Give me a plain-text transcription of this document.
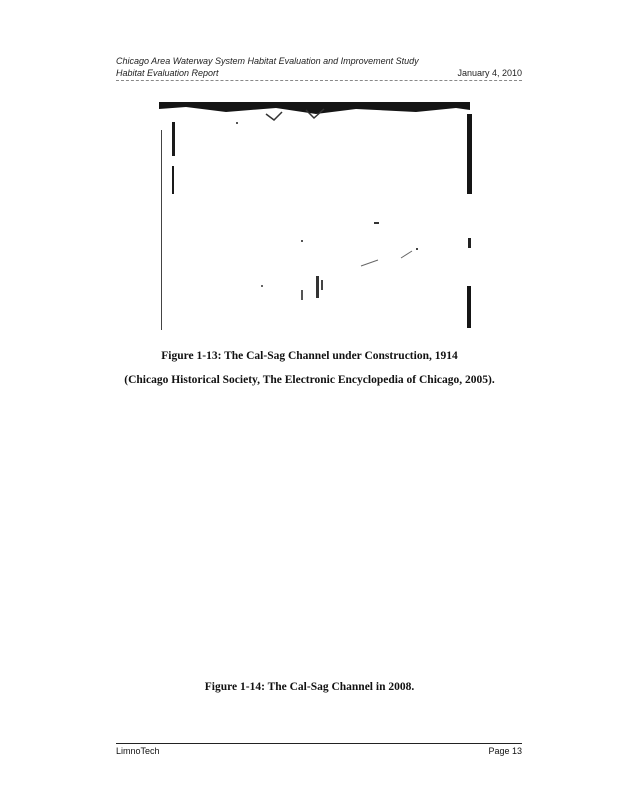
Chicago Area Waterway System Habitat Evaluation and Improvement Study
Habitat Evaluation Report	January 4, 2010
Figure 1-13: The Cal-Sag Channel under Construction, 1914
(Chicago Historical Society, The Electronic Encyclopedia of Chicago, 2005).
Figure 1-14: The Cal-Sag Channel in 2008.
LimnoTech	Page 13
